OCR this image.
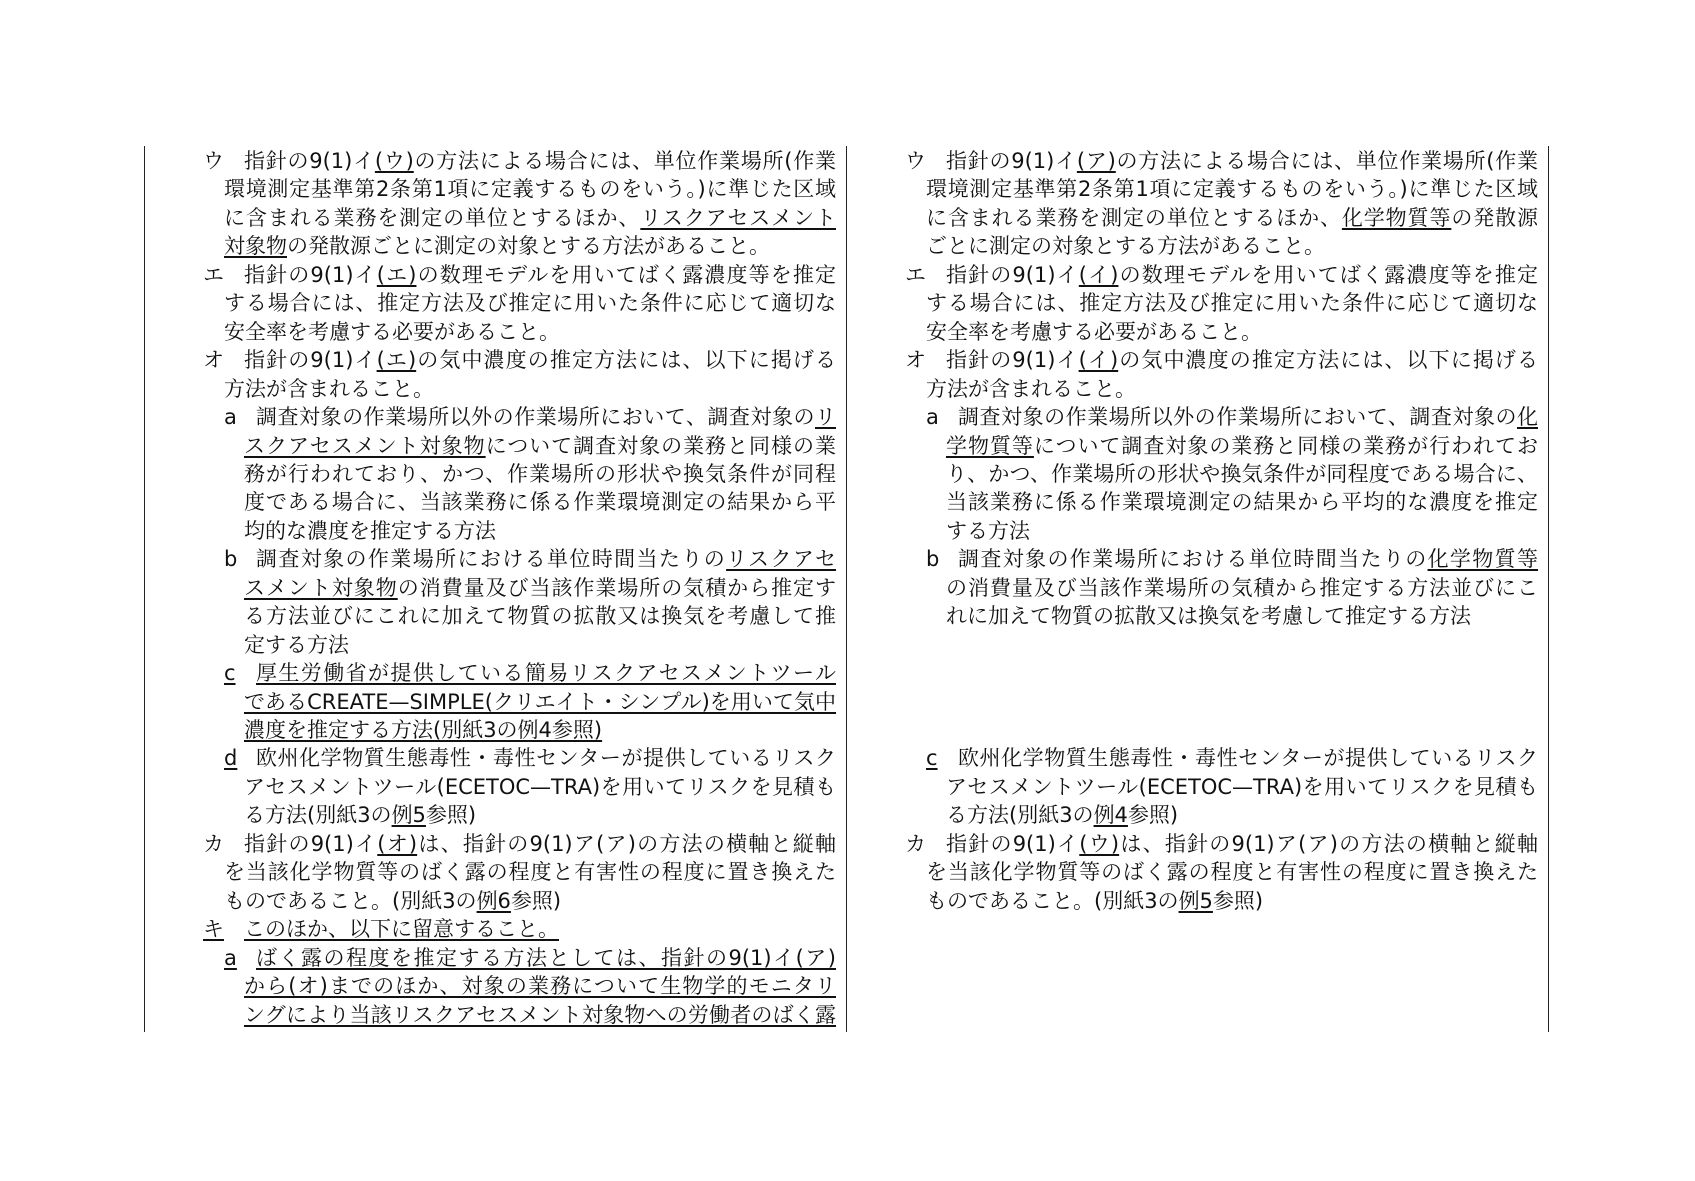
ウ 指針の9(1)イ(ウ)の方法による場合には、単位作業場所(作業
環境測定基準第2条第1項に定義するものをいう。)に準じた区域
に含まれる業務を測定の単位とするほか、リスクアセスメント
対象物の発散源ごとに測定の対象とする方法があること。
エ 指針の9(1)イ(エ)の数理モデルを用いてばく露濃度等を推定
する場合には、推定方法及び推定に用いた条件に応じて適切な
安全率を考慮する必要があること。
オ 指針の9(1)イ(エ)の気中濃度の推定方法には、以下に掲げる
方法が含まれること。
a 調査対象の作業場所以外の作業場所において、調査対象のリ
スクアセスメント対象物について調査対象の業務と同様の業
務が行われており、かつ、作業場所の形状や換気条件が同程
度である場合に、当該業務に係る作業環境測定の結果から平
均的な濃度を推定する方法
b 調査対象の作業場所における単位時間当たりのリスクアセ
スメント対象物の消費量及び当該作業場所の気積から推定す
る方法並びにこれに加えて物質の拡散又は換気を考慮して推
定する方法
c 厚生労働省が提供している簡易リスクアセスメントツール
であるCREATE—SIMPLE(クリエイト・シンプル)を用いて気中
濃度を推定する方法(別紙3の例4参照)
d 欧州化学物質生態毒性・毒性センターが提供しているリスク
アセスメントツール(ECETOC—TRA)を用いてリスクを見積も
る方法(別紙3の例5参照)
カ 指針の9(1)イ(オ)は、指針の9(1)ア(ア)の方法の横軸と縦軸
を当該化学物質等のばく露の程度と有害性の程度に置き換えた
ものであること。(別紙3の例6参照)
キ このほか、以下に留意すること。
a ばく露の程度を推定する方法としては、指針の9(1)イ(ア)
から(オ)までのほか、対象の業務について生物学的モニタリ
ングにより当該リスクアセスメント対象物への労働者のばく露
ウ 指針の9(1)イ(ア)の方法による場合には、単位作業場所(作業
環境測定基準第2条第1項に定義するものをいう。)に準じた区域
に含まれる業務を測定の単位とするほか、化学物質等の発散源
ごとに測定の対象とする方法があること。
エ 指針の9(1)イ(イ)の数理モデルを用いてばく露濃度等を推定
する場合には、推定方法及び推定に用いた条件に応じて適切な
安全率を考慮する必要があること。
オ 指針の9(1)イ(イ)の気中濃度の推定方法には、以下に掲げる
方法が含まれること。
a 調査対象の作業場所以外の作業場所において、調査対象の化
学物質等について調査対象の業務と同様の業務が行われてお
り、かつ、作業場所の形状や換気条件が同程度である場合に、
当該業務に係る作業環境測定の結果から平均的な濃度を推定
する方法
b 調査対象の作業場所における単位時間当たりの化学物質等
の消費量及び当該作業場所の気積から推定する方法並びにこ
れに加えて物質の拡散又は換気を考慮して推定する方法
c 欧州化学物質生態毒性・毒性センターが提供しているリスク
アセスメントツール(ECETOC—TRA)を用いてリスクを見積も
る方法(別紙3の例4参照)
カ 指針の9(1)イ(ウ)は、指針の9(1)ア(ア)の方法の横軸と縦軸
を当該化学物質等のばく露の程度と有害性の程度に置き換えた
ものであること。(別紙3の例5参照)
